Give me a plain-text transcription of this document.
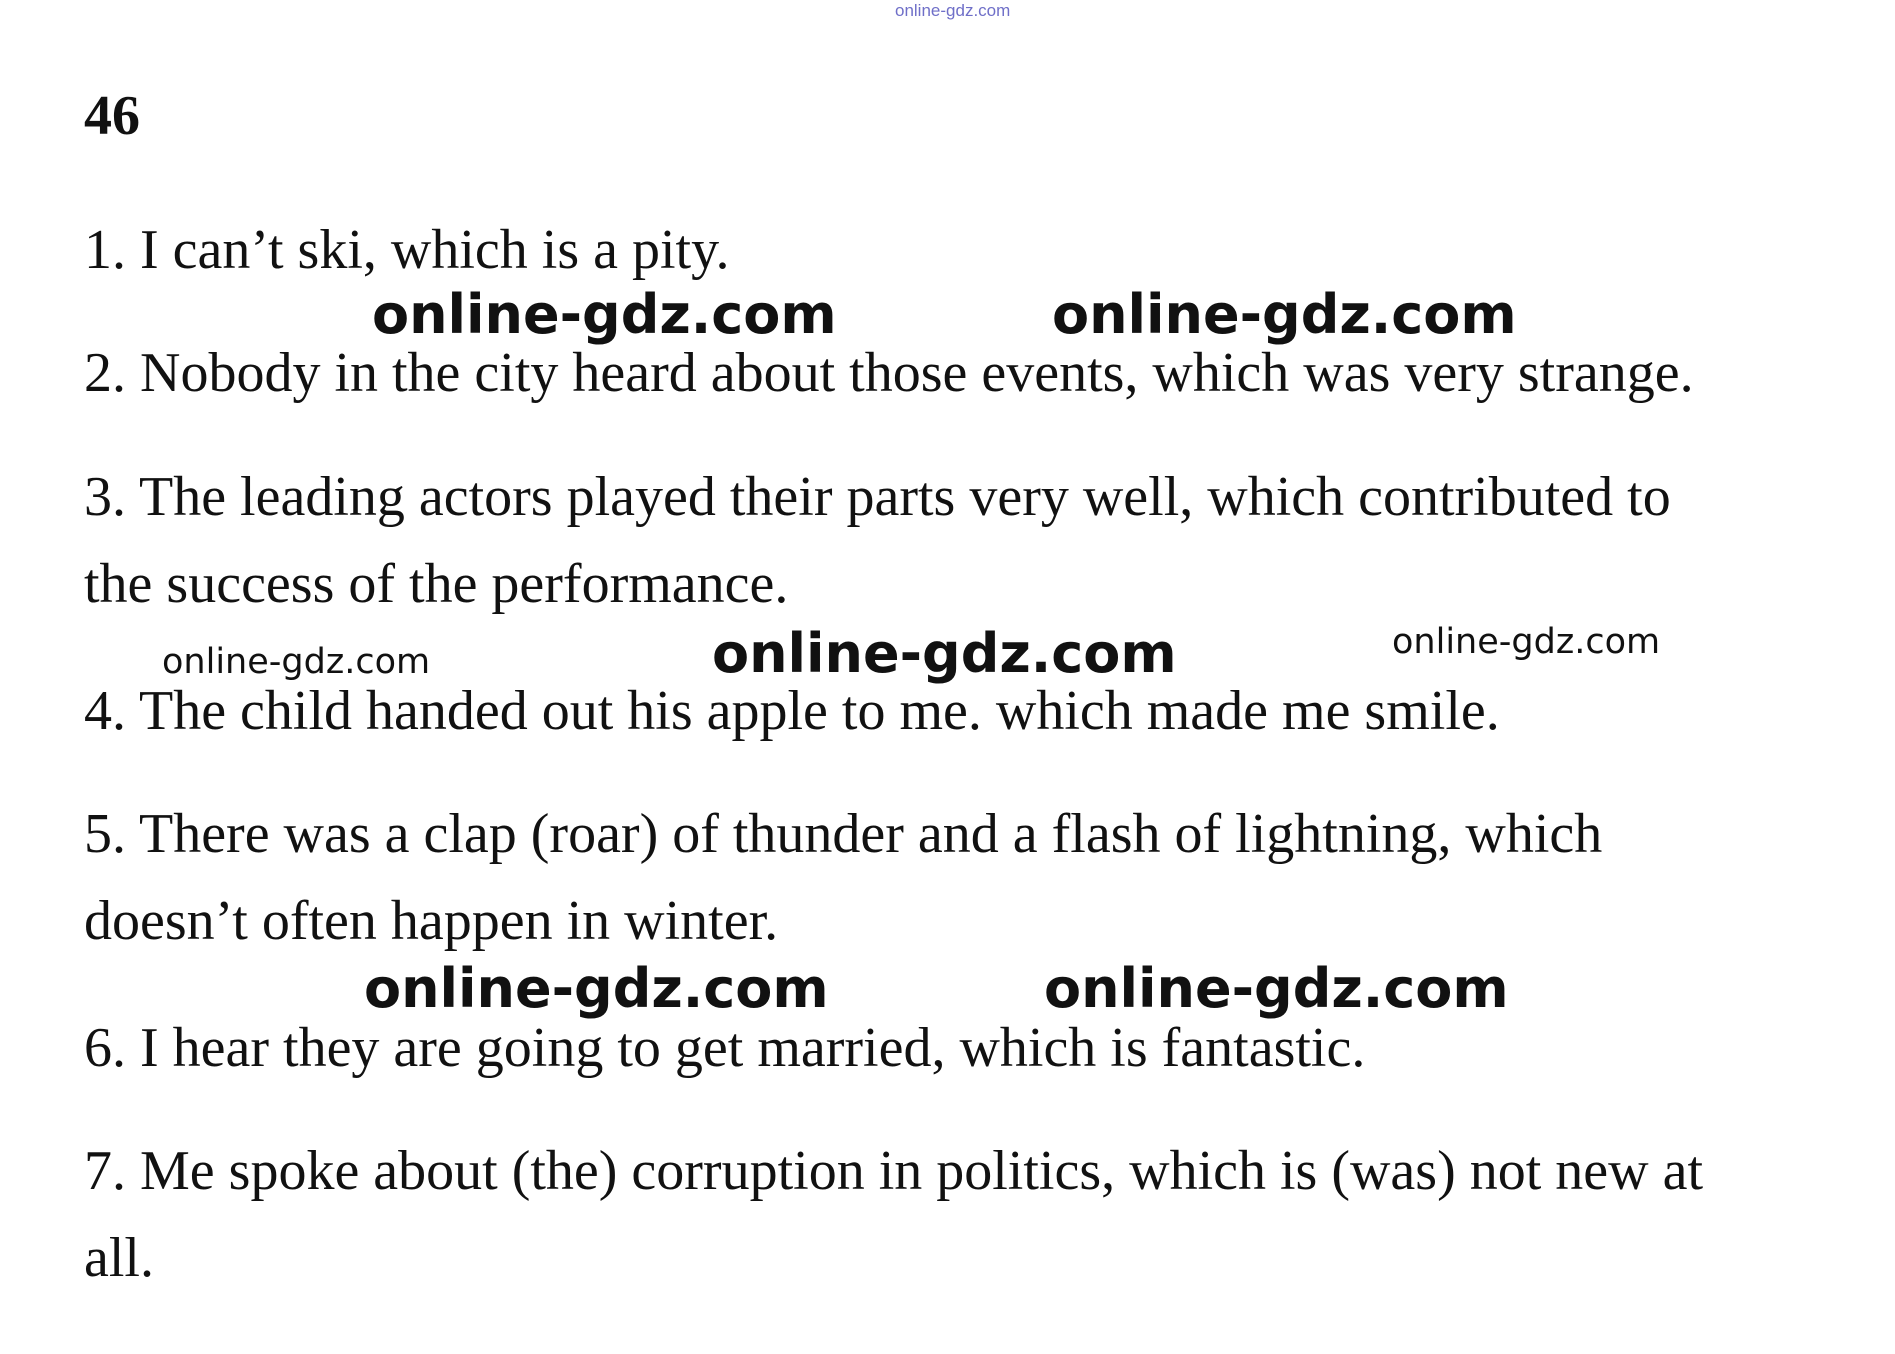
online-gdz.com
46
1. I can’t ski, which is a pity.
online-gdz.com	online-gdz.com
2. Nobody in the city heard about those events, which was very strange.
3. The leading actors played their parts very well, which contributed to
the success of the performance.
online-gdz.com	online-gdz.com	online-gdz.com
4. The child handed out his apple to me. which made me smile.
5. There was a clap (roar) of thunder and a flash of lightning, which
doesn’t often happen in winter.
online-gdz.com	online-gdz.com
6. I hear they are going to get married, which is fantastic.
7. Me spoke about (the) corruption in politics, which is (was) not new at
all.
